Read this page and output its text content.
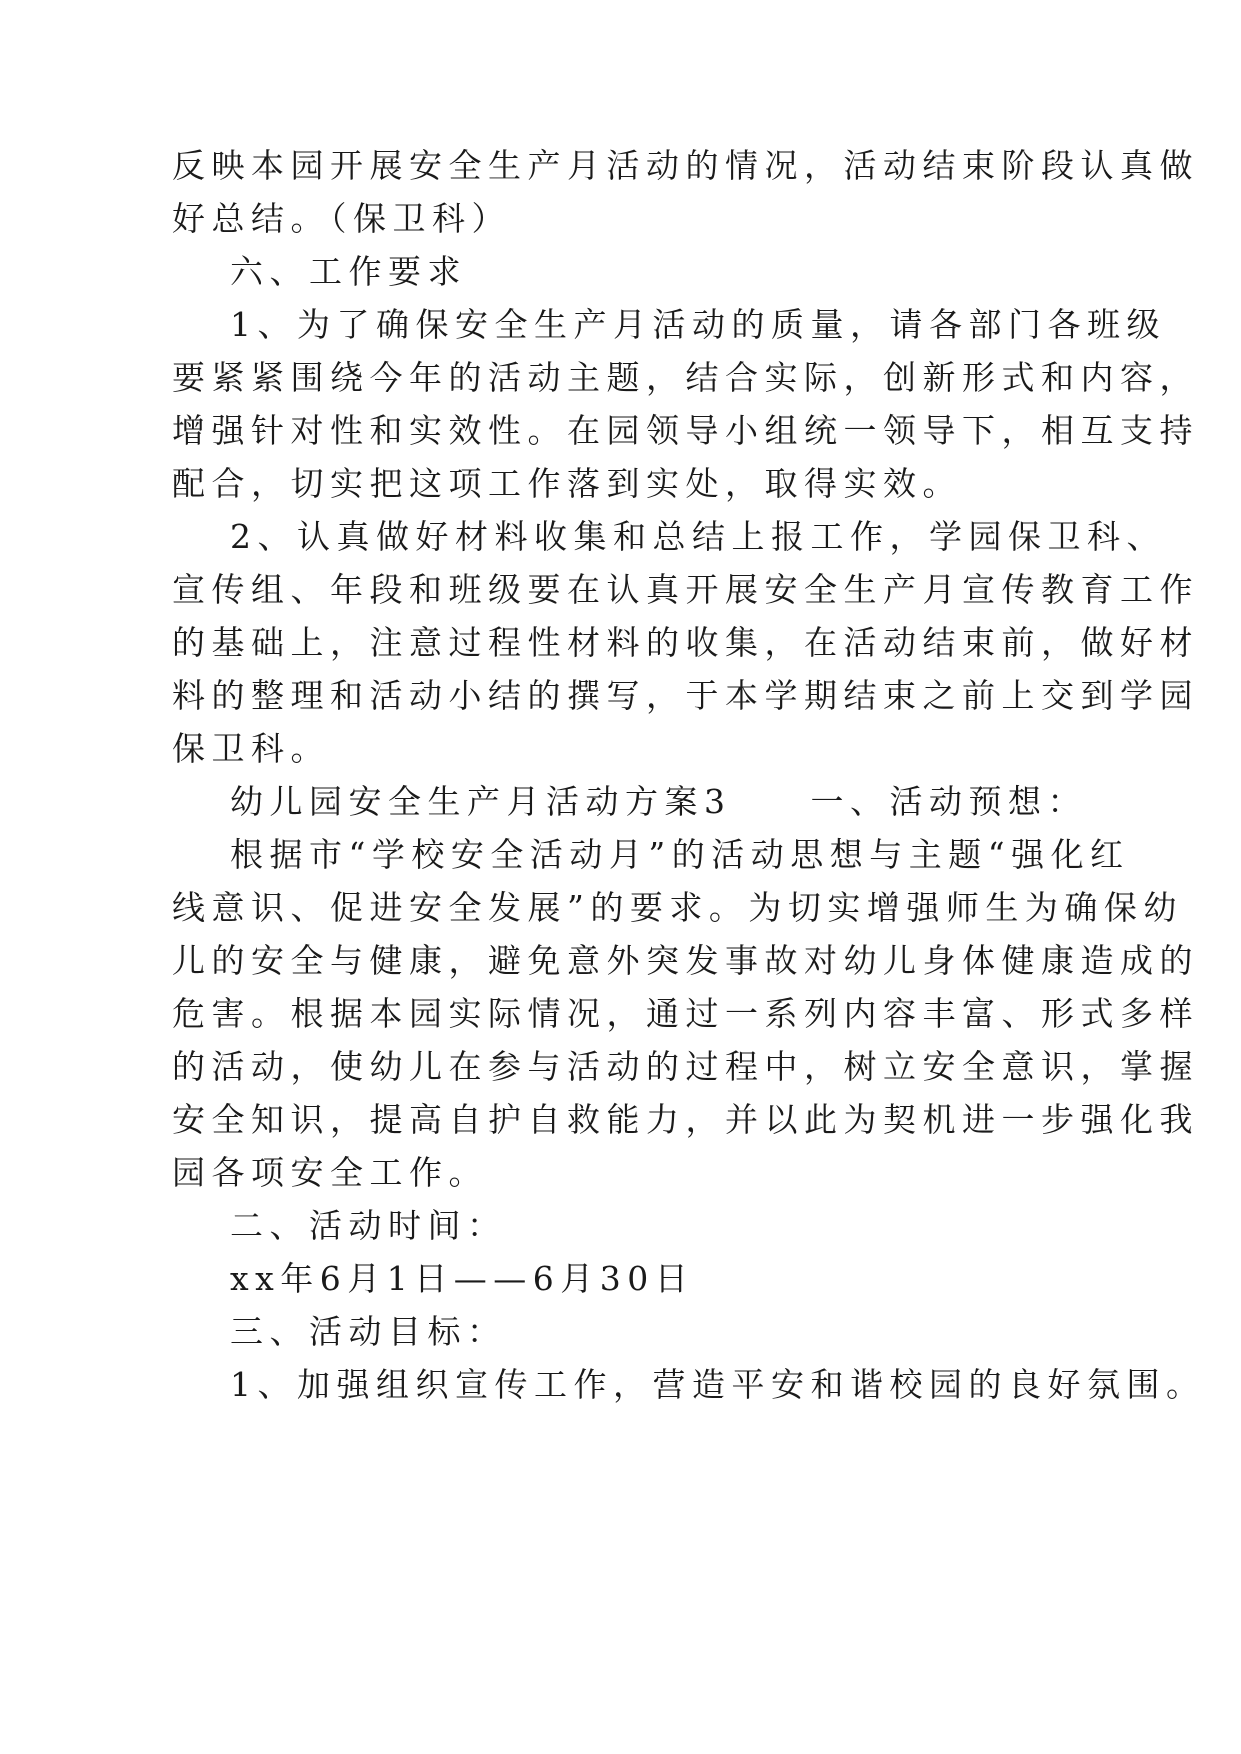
反映本园开展安全生产月活动的情况，活动结束阶段认真做
好总结。（保卫科）
六、工作要求
1、为了确保安全生产月活动的质量，请各部门各班级
要紧紧围绕今年的活动主题，结合实际，创新形式和内容，
增强针对性和实效性。在园领导小组统一领导下，相互支持
配合，切实把这项工作落到实处，取得实效。
2、认真做好材料收集和总结上报工作，学园保卫科、
宣传组、年段和班级要在认真开展安全生产月宣传教育工作
的基础上，注意过程性材料的收集，在活动结束前，做好材
料的整理和活动小结的撰写，于本学期结束之前上交到学园
保卫科。
幼儿园安全生产月活动方案3　　一、活动预想：
根据市“学校安全活动月”的活动思想与主题“强化红
线意识、促进安全发展”的要求。为切实增强师生为确保幼
儿的安全与健康，避免意外突发事故对幼儿身体健康造成的
危害。根据本园实际情况，通过一系列内容丰富、形式多样
的活动，使幼儿在参与活动的过程中，树立安全意识，掌握
安全知识，提高自护自救能力，并以此为契机进一步强化我
园各项安全工作。
二、活动时间：
xx年6月1日——6月30日
三、活动目标：
1、加强组织宣传工作，营造平安和谐校园的良好氛围。
